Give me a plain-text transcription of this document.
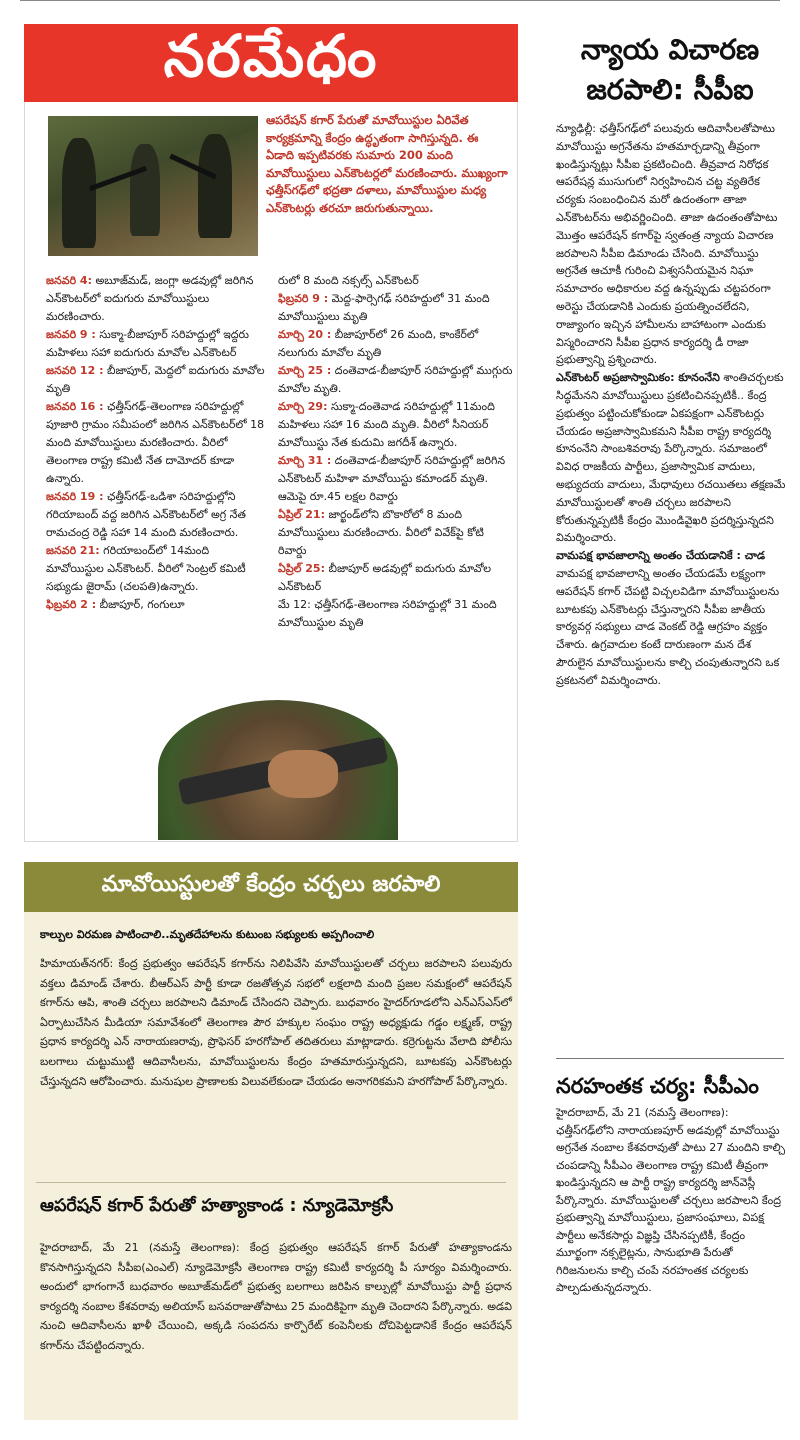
నరమేధం
ఆపరేషన్ కగార్ పేరుతో మావోయిస్టుల ఏరివేత కార్యక్రమాన్ని కేంద్రం ఉద్ధృతంగా సాగిస్తున్నది. ఈ ఏడాది ఇప్పటివరకు సుమారు 200 మంది మావోయిస్టులు ఎన్‌కౌంటర్లలో మరణించారు. ముఖ్యంగా ఛత్తీస్‌గఢ్‌లో భద్రతా దళాలు, మావోయిస్టుల మధ్య ఎన్‌కౌంటర్లు తరచూ జరుగుతున్నాయి.

జనవరి 4: అబూజ్‌మడ్, జంగ్లా అడవుల్లో జరిగిన ఎన్‌కౌంటర్‌లో ఐదుగురు మావోయిస్టులు మరణించారు.

జనవరి 9 : సుక్మా-బీజాపూర్ సరిహద్దుల్లో ఇద్దరు మహిళలు సహా ఐదుగురు మావోల ఎన్‌కౌంటర్

జనవరి 12 : బీజాపూర్, మెద్దలో ఐదుగురు మావోల మృతి

జనవరి 16 : ఛత్తీస్‌గఢ్-తెలంగాణ సరిహద్దుల్లో పూజారి గ్రామం సమీపంలో జరిగిన ఎన్‌కౌంటర్‌లో 18 మంది మావోయిస్టులు మరణించారు. వీరిలో తెలంగాణ రాష్ట్ర కమిటీ నేత దామోదర్ కూడా ఉన్నారు.

జనవరి 19 : ఛత్తీస్‌గఢ్-ఒడిశా సరిహద్దుల్లోని గరియాబంద్ వద్ద జరిగిన ఎన్‌కౌంటర్‌లో అగ్ర నేత రామచంద్ర రెడ్డి సహా 14 మంది మరణించారు.

జనవరి 21: గరియాబంద్‌లో 14మంది మావోయిస్టుల ఎన్‌కౌంటర్. వీరిలో సెంట్రల్ కమిటీ సభ్యుడు జైరామ్ (చలపతి)ఉన్నారు.

ఫిబ్రవరి 2 : బీజాపూర్, గంగులూ

రులో 8 మంది నక్సల్స్ ఎన్‌కౌంటర్

ఫిబ్రవరి 9 : మెద్ద-ఫార్సెగఢ్ సరిహద్దులో 31 మంది మావోయిస్టులు మృతి

మార్చి 20 : బీజాపూర్‌లో 26 మంది, కాంకేర్‌లో నలుగురు మావోల మృతి

మార్చి 25 : దంతెవాడ-బీజాపూర్ సరిహద్దుల్లో ముగ్గురు మావోల మృతి.

మార్చి 29: సుక్మా-దంతెవాడ సరిహద్దుల్లో 11మంది మహిళలు సహా 16 మంది మృతి. వీరిలో సీనియర్ మావోయిస్టు నేత కుదుమి జగదీశ్ ఉన్నారు.

మార్చి 31 : దంతెవాడ-బీజాపూర్ సరిహద్దుల్లో జరిగిన ఎన్‌కౌంటర్ మహిళా మావోయిస్టు కమాండర్ మృతి. ఆమెపై రూ.45 లక్షల రివార్డు

ఏప్రిల్ 21: జార్ఖండ్‌లోని బొకారోలో 8 మంది మావోయిస్టులు మరణించారు. వీరిలో వివేక్‌పై కోటి రివార్డు

ఏప్రిల్ 25: బీజాపూర్ అడవుల్లో ఐదుగురు మావోల ఎన్‌కౌంటర్

మే 12: ఛత్తీస్‌గఢ్-తెలంగాణ సరిహద్దుల్లో 31 మంది మావోయిస్టుల మృతి

న్యాయ విచారణ జరపాలి: సీపీఐ
న్యూఢిల్లీ: ఛత్తీస్‌గఢ్‌లో పలువురు ఆదివాసీలతోపాటు మావోయిస్టు అగ్రనేతను హతమార్చడాన్ని తీవ్రంగా ఖండిస్తున్నట్లు సీపీఐ ప్రకటించింది. తీవ్రవాద నిరోధక ఆపరేషన్ల ముసుగులో నిర్వహించిన చట్ట వ్యతిరేక చర్యకు సంబంధించిన మరో ఉదంతంగా తాజా ఎన్‌కౌంటర్‌ను అభివర్ణించింది. తాజా ఉదంతంతోపాటు మొత్తం ఆపరేషన్ కగార్‌పై స్వతంత్ర న్యాయ విచారణ జరపాలని సీపీఐ డిమాండు చేసింది. మావోయిస్టు అగ్రనేత ఆచూకీ గురించి విశ్వసనీయమైన నిఘా సమాచారం అధికారుల వద్ద ఉన్నప్పుడు చట్టపరంగా అరెస్టు చేయడానికి ఎందుకు ప్రయత్నించలేదని, రాజ్యాంగం ఇచ్చిన హామీలను బాహాటంగా ఎందుకు విస్మరించారని సీపీఐ ప్రధాన కార్యదర్శి డీ రాజా ప్రభుత్వాన్ని ప్రశ్నించారు.
ఎన్‌కౌంటర్ అప్రజాస్వామికం: కూనంనేని శాంతిచర్చలకు సిద్ధమేనని మావోయిస్టులు ప్రకటించినప్పటికీ.. కేంద్ర ప్రభుత్వం పట్టించుకోకుండా ఏకపక్షంగా ఎన్‌కౌంటర్లు చేయడం అప్రజాస్వామికమని సీపీఐ రాష్ట్ర కార్యదర్శి కూనంనేని సాంబశివరావు పేర్కొన్నారు. సమాజంలో వివిధ రాజకీయ పార్టీలు, ప్రజాస్వామిక వాదులు, అభ్యుదయ వాదులు, మేధావులు రచయితలు తక్షణమే మావోయిస్టులతో శాంతి చర్చలు జరపాలని కోరుతున్నప్పటికీ కేంద్రం మొండివైఖరి ప్రదర్శిస్తున్నదని విమర్శించారు.
వామపక్ష భావజాలాన్ని అంతం చేయడానికే : చాడ
వామపక్ష భావజాలాన్ని అంతం చేయడమే లక్ష్యంగా ఆపరేషన్ కగార్ చేపట్టి విచ్చలవిడిగా మావోయిస్టులను బూటకపు ఎన్‌కౌంటర్లు చేస్తున్నారని సీపీఐ జాతీయ కార్యవర్గ సభ్యులు చాడ వెంకట్ రెడ్డి ఆగ్రహం వ్యక్తం చేశారు. ఉగ్రవాదుల కంటే దారుణంగా మన దేశ పౌరులైన మావోయిస్టులను కాల్చి చంపుతున్నారని ఒక ప్రకటనలో విమర్శించారు.
నరహంతక చర్య: సీపీఎం
హైదరాబాద్, మే 21 (నమస్తే తెలంగాణ): ఛత్తీస్‌గఢ్‌లోని నారాయణపూర్ అడవుల్లో మావోయిస్టు అగ్రనేత నంబాల కేశవరావుతో పాటు 27 మందిని కాల్చి చంపడాన్ని సీపీఎం తెలంగాణ రాష్ట్ర కమిటీ తీవ్రంగా ఖండిస్తున్నదని ఆ పార్టీ రాష్ట్ర కార్యదర్శి జాన్‌వెస్లీ పేర్కొన్నారు. మావోయిస్టులతో చర్చలు జరపాలని కేంద్ర ప్రభుత్వాన్ని మావోయిస్టులు, ప్రజాసంఘాలు, విపక్ష పార్టీలు అనేకసార్లు విజ్ఞప్తి చేసినప్పటికీ, కేంద్రం మూర్ఖంగా నక్సలైట్లను, సానుభూతి పేరుతో గిరిజనులను కాల్చి చంపే నరహంతక చర్యలకు పాల్పడుతున్నదన్నారు.
మావోయిస్టులతో కేంద్రం చర్చలు జరపాలి
కాల్పుల విరమణ పాటించాలి..మృతదేహాలను కుటుంబ సభ్యులకు అప్పగించాలి
హిమాయత్‌నగర్: కేంద్ర ప్రభుత్వం ఆపరేషన్ కగార్‌ను నిలిపివేసి మావోయిస్టులతో చర్చలు జరపాలని పలువురు వక్తలు డిమాండ్ చేశారు. బీఆర్‌ఎస్ పార్టీ కూడా రజతోత్సవ సభలో లక్షలాది మంది ప్రజల సమక్షంలో ఆపరేషన్ కగార్‌ను ఆపి, శాంతి చర్చలు జరపాలని డిమాండ్ చేసిందని చెప్పారు. బుధవారం హైదర్‌గూడలోని ఎన్‌ఎస్‌ఎస్‌లో ఏర్పాటుచేసిన మీడియా సమావేశంలో తెలంగాణ పౌర హక్కుల సంఘం రాష్ట్ర అధ్యక్షుడు గడ్డం లక్ష్మణ్, రాష్ట్ర ప్రధాన కార్యదర్శి ఎన్ నారాయణరావు, ప్రొఫెసర్ హరగోపాల్ తదితరులు మాట్లాడారు. కర్రెగుట్టను వేలాది పోలీసు బలగాలు చుట్టుముట్టి ఆదివాసీలను, మావోయిస్టులను కేంద్రం హతమారుస్తున్నదని, బూటకపు ఎన్‌కౌంటర్లు చేస్తున్నదని ఆరోపించారు. మనుషుల ప్రాణాలకు విలువలేకుండా చేయడం అనాగరికమని హరగోపాల్ పేర్కొన్నారు.
ఆపరేషన్ కగార్ పేరుతో హత్యాకాండ : న్యూడెమోక్రసీ
హైదరాబాద్, మే 21 (నమస్తే తెలంగాణ): కేంద్ర ప్రభుత్వం ఆపరేషన్ కగార్ పేరుతో హత్యాకాండను కొనసాగిస్తున్నదని సీపీఐ(ఎంఎల్) న్యూడెమోక్రసీ తెలంగాణ రాష్ట్ర కమిటీ కార్యదర్శి పీ సూర్యం విమర్శించారు. అందులో భాగంగానే బుధవారం అబూజ్‌మడ్‌లో ప్రభుత్వ బలగాలు జరిపిన కాల్పుల్లో మావోయిస్టు పార్టీ ప్రధాన కార్యదర్శి నంబాల కేశవరావు అలియాస్ బసవరాజుతోపాటు 25 మందికిపైగా మృతి చెందారని పేర్కొన్నారు. అడవి నుంచి ఆదివాసీలను ఖాళీ చేయించి, అక్కడి సంపదను కార్పొరేట్ కంపెనీలకు దోచిపెట్టడానికే కేంద్రం ఆపరేషన్ కగార్‌ను చేపట్టిందన్నారు.
